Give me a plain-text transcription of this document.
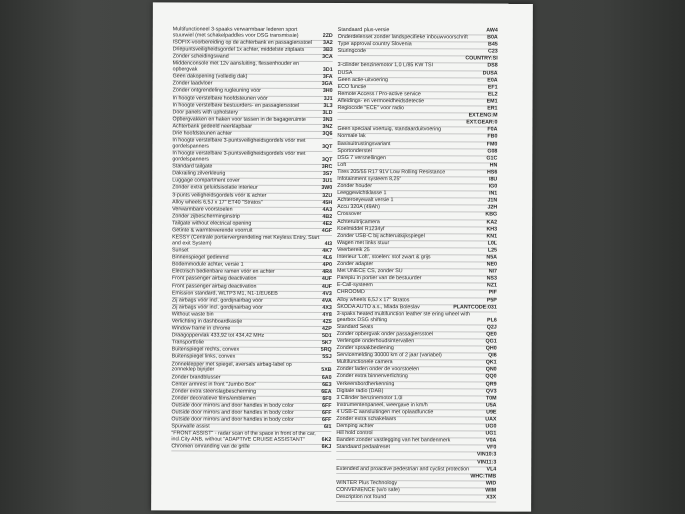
Multifunctioneel 3-spaaks verwarmbaar lederen sport stuurwiel (met schakelpaddles voor DSG transmissie)	2ZD
ISOFIX-voorbereiding op de achterbank en passagiersstoel	3A2
Driepuntsveiligheidsgordel 1x achter, middelste zitplaats	3B3
Zonder scheidingswand	3CA
Middenconsole met 12v aansluiting, flessenhouder en opbergvak	3D1
Geen dakopening (volledig dak)	3FA
Zonder laadvloer	3GA
Zonder ontgrendeling rugleuning vóór	3H0
In hoogte verstelbare hoofdsteunen vóór	3J1
In hoogte verstelbare bestuurders- en passagiersstoel	3L3
Door panels with upholstery	3LD
Opbergvakken en haken voor tassen in de bagageruimte	3N3
Achterbank gedeeld neerklapbaar	3NZ
Drie hoofdsteunen achter	3Q6
In hoogte verstelbare 3-puntsveiligheidsgordels vóór met gordelspanners	3QT
In hoogte verstelbare 3-puntsveiligheidsgordels vóór met gordelspanners	3QT
Standard tailgate	3RC
Dakrailing zilverkleurig	3S7
Luggage compartment cover	3U1
Zonder extra geluidsisolatie interieur	3W0
3-punts veiligheidsgordels vóór & achter	3ZU
Alloy wheels 6,5J x 17" ET40 "Stratos"	45H
Verwarmbare voorstoelen	4A3
Zonder zijbescherminginstrip	4B2
Tailgate without electrical opening	4E2
Getinte & warmtewerende voorruit	4GF
KESSY (Centrale portiervergrendeling met Keyless Entry, Start and exit System)	4I3
Sunset	4K7
Binnenspiegel gedimmd	4L6
Bodemmodule achter, versie 1	4P0
Electrisch bedienbare ramen vóór en achter	4R4
Front passenger airbag deactivation	4UF
Front passenger airbag deactivation	4UF
Emission standard, WLTP3 M1, N1-1/EU6EB	4V3
Zij airbags vóór incl. gordijnairbag vóór	4VA
Zij airbags vóór incl. gordijnairbag vóór	4X3
Without waste bin	4Y8
Verlichting in dashboardkastje	4Z5
Window frame in chrome	4ZP
Draagoppervlak 433,92 tot 434,42 MHz	5D1
Transportfolie	5K7
Buitenspiegel rechts, convex	5RQ
Buitenspiegel links, convex	5SJ
Zonneklepper met spiegel, aversals airbag-label op zonneklep bijrijder	5XB
Zonder brandblusser	6A0
Center armrest in front "Jumbo Box"	6E3
Zonder extra steenslagbescherming	6EA
Zonder decoratieve films/emblemen	6F0
Outside door mirrors and door handles in body color	6FF
Outside door mirrors and door handles in body color	6FF
Outside door mirrors and door handles in body color	6FF
Spurwalle assist	6I1
"FRONT ASSIST" - radar scan of the space in front of the car, incl.City ANB, without "ADAPTIVE CRUISE ASSISTANT"	6K2
Chromen omranding van de grille	6KJ
Standaard plus-versie	AW4
Onderdelenset zonder landspecifieke inbouwvoorschrift	B0A
Type approval country Slovenia	B45
Sturingcode	C23
COUNTRY:SI
3-cilinder benzinemotor 1,0 L/85 KW TSI	DS8
DUSA	DUSA
Geen actie-uitvoering	E0A
ECO functie	EF1
Remote Access / Pro-active service	EL2
Afleidings- en vermoeidheidsdetectie	EM1
Regiocode "ECE" voor radio	ER1
EXT.ENG:M
EXT.GEAR:0
Geen speciaal voertuig, standaarduitvoering	F0A
Normale lak	FB0
Basisuitrustingsvariant	FM0
Sportonderstel	G08
DSG 7 versnellingen	G1C
Loft	HN
Tires 205/55 R17 91V Low Rolling Resistance	HS6
Infotainment systeem 8,25"	I8U
Zonder houder	IG0
Leeggewichtklasse 1	IN1
Achteroeyewalt versie 1	J1N
Accu 320A (49Ah)	J2H
Crossover	KBG
Achteruitrijcamera	KA2
Koelmiddel R1234yf	KH3
Zonder USB-C bij achteruitkijkspiegel	KN1
Wagen met links stuur	L0L
Veerbereik 25	L25
Interieur 'Loft', stoelen: stof zwart & grijs	N5A
Zonder adapter	NE0
Met UNECE CS, zonder SU	NI7
Parepiu in portier van de bestuurder	NS3
E-Call-systeem	NZ1
CHROOMD	PIF
Alloy wheels 6,5J x 17" Stratos	P5P
ŠKODA AUTO a.s., Mlada Boleslav	PLANTCODE:031
3-spaks heated multifunction leather ste ering wheel with gearbox DSG shifting	PL6
Standard Seats	Q2J
Zonder opbergvak onder passagiersstoel	QE0
Verlengde onderhoudsintervallen	QG1
Zonder spraakbediening	QH0
Servicemelding 30000 km of 2 jaar (variabel)	QI6
Multifunctionele camera	QK1
Zonder laden onder de voorstoelen	QN0
Zonder extra binnenverlichting	QQ0
Verkeersbordherkenning	QR9
Digitale radio (DAB)	QV3
3 Cilinder benzinemotor 1.0l	T0M
Instrumentenpaneel, weergave in km/h	U5A
4 USB-C aansluitingen met oplaadfunctie	U9E
Zonder extra schakelaars	UAX
Demping achter	UG0
Hill hold control	UG1
Banden zonder vastlegging van het bandenmerk	V0A
Standaard pedaalreset	VF0
VIN10:3
VIN11:3
Extended and proactive pedestrian and cyclist protection	VL4
WHC:TMB
WINTER Plus Technology	WID
CONVENIENCE (w/o safe)	WIM
Description not found	X3X
